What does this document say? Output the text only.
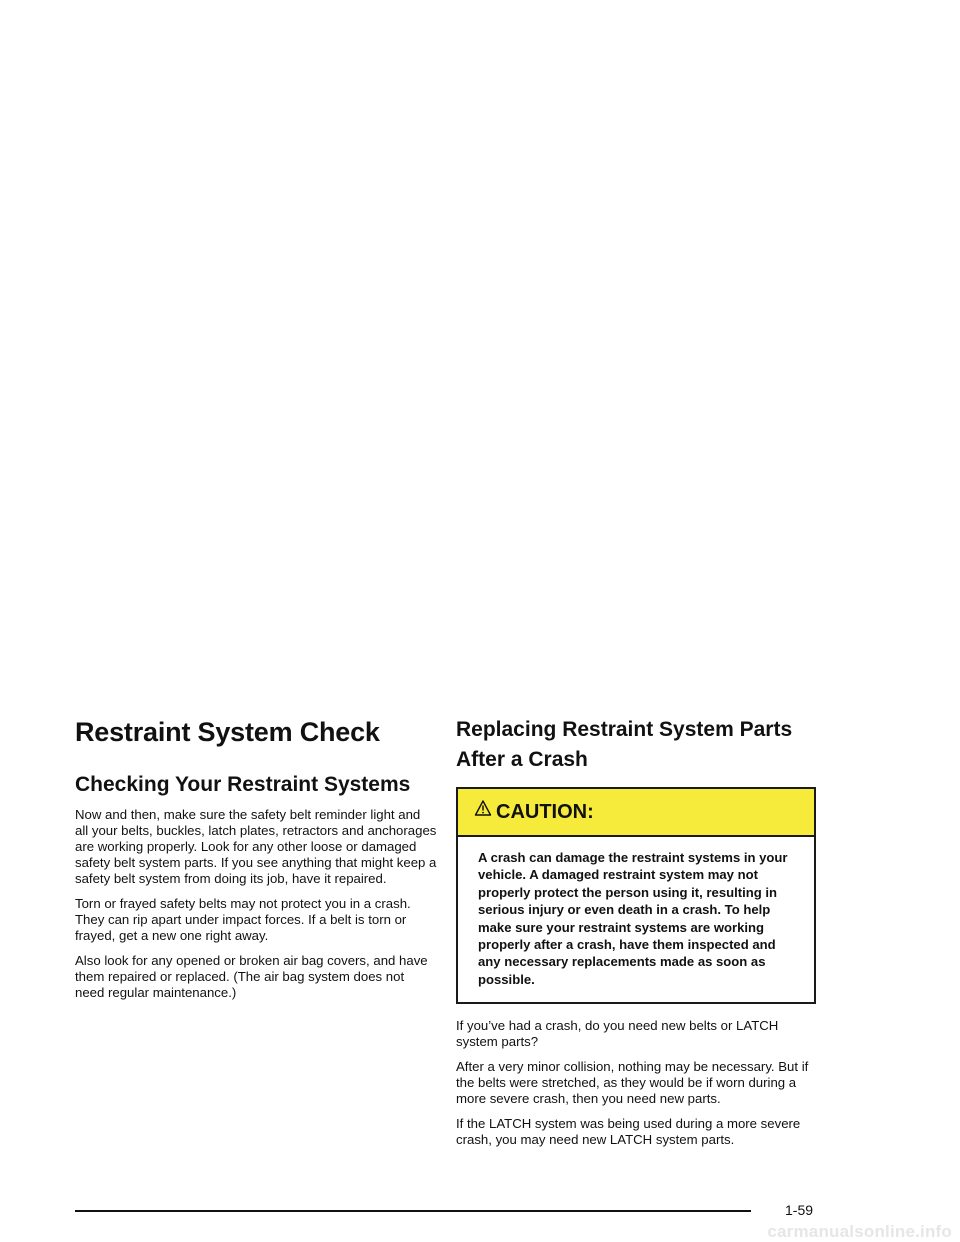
Restraint System Check
Checking Your Restraint Systems

Now and then, make sure the safety belt reminder light and all your belts, buckles, latch plates, retractors and anchorages are working properly. Look for any other loose or damaged safety belt system parts. If you see anything that might keep a safety belt system from doing its job, have it repaired.

Torn or frayed safety belts may not protect you in a crash. They can rip apart under impact forces. If a belt is torn or frayed, get a new one right away.

Also look for any opened or broken air bag covers, and have them repaired or replaced. (The air bag system does not need regular maintenance.)

Replacing Restraint System Parts
After a Crash
CAUTION:

A crash can damage the restraint systems in your vehicle. A damaged restraint system may not properly protect the person using it, resulting in serious injury or even death in a crash. To help make sure your restraint systems are working properly after a crash, have them inspected and any necessary replacements made as soon as possible.

If you’ve had a crash, do you need new belts or LATCH system parts?

After a very minor collision, nothing may be necessary. But if the belts were stretched, as they would be if worn during a more severe crash, then you need new parts.

If the LATCH system was being used during a more severe crash, you may need new LATCH system parts.

1-59
carmanualsonline.info
